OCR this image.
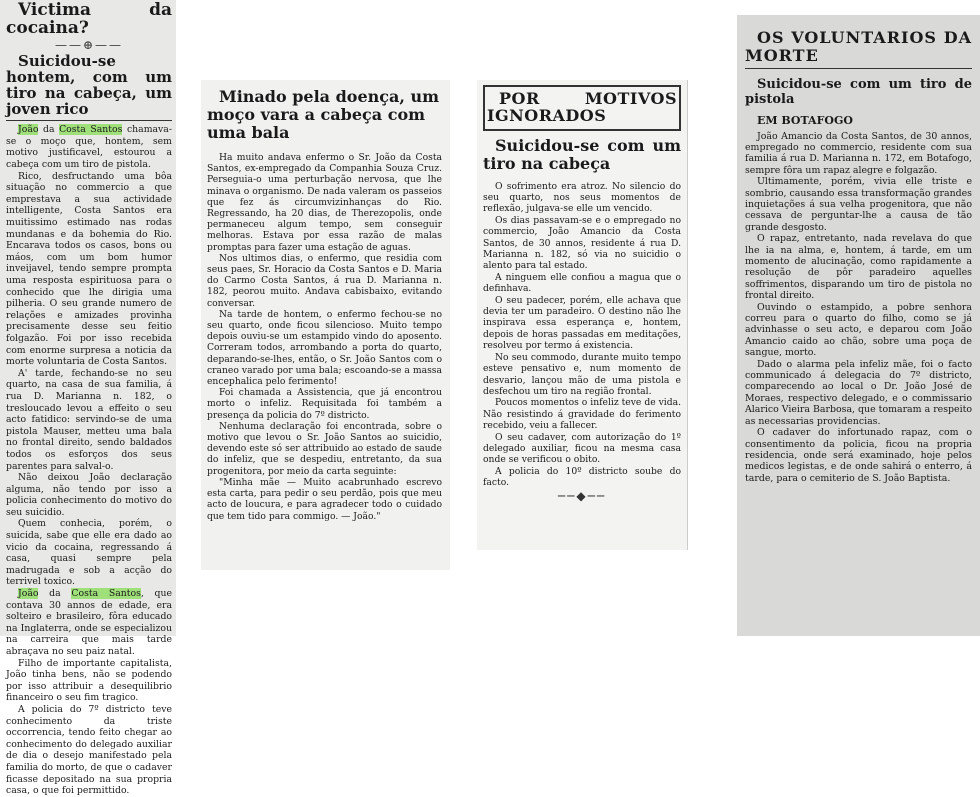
Victima da cocaina?

——⊕——

Suicidou-se hontem, com um tiro na cabeça, um joven rico

João da Costa Santos chamava-se o moço que, hontem, sem motivo justificavel, estourou a cabeça com um tiro de pistola.

Rico, desfructando uma bôa situação no commercio a que emprestava a sua actividade intelligente, Costa Santos era muitissimo estimado nas rodas mundanas e da bohemia do Rio. Encarava todos os casos, bons ou máos, com um bom humor inveijavel, tendo sempre prompta uma resposta espirituosa para o conhecido que lhe dirigia uma pilheria. O seu grande numero de relações e amizades provinha precisamente desse seu feitio folgazão. Foi por isso recebida com enorme surpresa a noticia da morte voluntaria de Costa Santos.

A' tarde, fechando-se no seu quarto, na casa de sua familia, á rua D. Marianna n. 182, o tresloucado levou a effeito o seu acto fatidico: servindo-se de uma pistola Mauser, metteu uma bala no frontal direito, sendo baldados todos os esforços dos seus parentes para salval-o.

Não deixou João declaração alguma, não tendo por isso a policia conhecimento do motivo do seu suicidio.

Quem conhecia, porém, o suicida, sabe que elle era dado ao vicio da cocaina, regressando á casa, quasi sempre pela madrugada e sob a acção do terrivel toxico.

João da Costa Santos, que contava 30 annos de edade, era solteiro e brasileiro, fôra educado na Inglaterra, onde se especializou na carreira que mais tarde abraçava no seu paiz natal.

Filho de importante capitalista, João tinha bens, não se podendo por isso attribuir a desequilibrio financeiro o seu fim tragico.

A policia do 7º districto teve conhecimento da triste occorrencia, tendo feito chegar ao conhecimento do delegado auxiliar de dia o desejo manifestado pela familia do morto, de que o cadaver ficasse depositado na sua propria casa, o que foi permittido.

Minado pela doença, um moço vara a cabeça com uma bala

Ha muito andava enfermo o Sr. João da Costa Santos, ex-empregado da Companhia Souza Cruz. Perseguia-o uma perturbação nervosa, que lhe minava o organismo. De nada valeram os passeios que fez ás circumvizinhanças do Rio. Regressando, ha 20 dias, de Therezopolis, onde permaneceu algum tempo, sem conseguir melhoras. Estava por essa razão de malas promptas para fazer uma estação de aguas.

Nos ultimos dias, o enfermo, que residia com seus paes, Sr. Horacio da Costa Santos e D. Maria do Carmo Costa Santos, á rua D. Marianna n. 182, peorou muito. Andava cabisbaixo, evitando conversar.

Na tarde de hontem, o enfermo fechou-se no seu quarto, onde ficou silencioso. Muito tempo depois ouviu-se um estampido vindo do aposento. Correram todos, arrombando a porta do quarto, deparando-se-lhes, então, o Sr. João Santos com o craneo varado por uma bala; escoando-se a massa encephalica pelo ferimento!

Foi chamada a Assistencia, que já encontrou morto o infeliz. Requisitada foi também a presença da policia do 7º districto.

Nenhuma declaração foi encontrada, sobre o motivo que levou o Sr. João Santos ao suicidio, devendo este só ser attribuido ao estado de saude do infeliz, que se despediu, entretanto, da sua progenitora, por meio da carta seguinte:

"Minha mãe — Muito acabrunhado escrevo esta carta, para pedir o seu perdão, pois que meu acto de loucura, e para agradecer todo o cuidado que tem tido para commigo. — João."

POR MOTIVOS IGNORADOS

Suicidou-se com um tiro na cabeça

O sofrimento era atroz. No silencio do seu quarto, nos seus momentos de reflexão, julgava-se elle um vencido.

Os dias passavam-se e o empregado no commercio, João Amancio da Costa Santos, de 30 annos, residente á rua D. Marianna n. 182, só via no suicidio o alento para tal estado.

A ninguem elle confiou a magua que o definhava.

O seu padecer, porém, elle achava que devia ter um paradeiro. O destino não lhe inspirava essa esperança e, hontem, depois de horas passadas em meditações, resolveu por termo á existencia.

No seu commodo, durante muito tempo esteve pensativo e, num momento de desvario, lançou mão de uma pistola e desfechou um tiro na região frontal.

Poucos momentos o infeliz teve de vida. Não resistindo á gravidade do ferimento recebido, veiu a fallecer.

O seu cadaver, com autorização do 1º delegado auxiliar, ficou na mesma casa onde se verificou o obito.

A policia do 10º districto soube do facto.

──◆──

OS VOLUNTARIOS DA MORTE

Suicidou-se com um tiro de pistola

EM BOTAFOGO

João Amancio da Costa Santos, de 30 annos, empregado no commercio, residente com sua familia á rua D. Marianna n. 172, em Botafogo, sempre fôra um rapaz alegre e folgazão.

Ultimamente, porém, vivia elle triste e sombrio, causando essa transformação grandes inquietações á sua velha progenitora, que não cessava de perguntar-lhe a causa de tão grande desgosto.

O rapaz, entretanto, nada revelava do que lhe ia na alma, e, hontem, á tarde, em um momento de alucinação, como rapidamente a resolução de pôr paradeiro aquelles soffrimentos, disparando um tiro de pistola no frontal direito.

Ouvindo o estampido, a pobre senhora correu para o quarto do filho, como se já advinhasse o seu acto, e deparou com João Amancio caido ao chão, sobre uma poça de sangue, morto.

Dado o alarma pela infeliz mãe, foi o facto communicado á delegacia do 7º districto, comparecendo ao local o Dr. João José de Moraes, respectivo delegado, e o commissario Alarico Vieira Barbosa, que tomaram a respeito as necessarias providencias.

O cadaver do infortunado rapaz, com o consentimento da policia, ficou na propria residencia, onde será examinado, hoje pelos medicos legistas, e de onde sahirá o enterro, á tarde, para o cemiterio de S. João Baptista.
